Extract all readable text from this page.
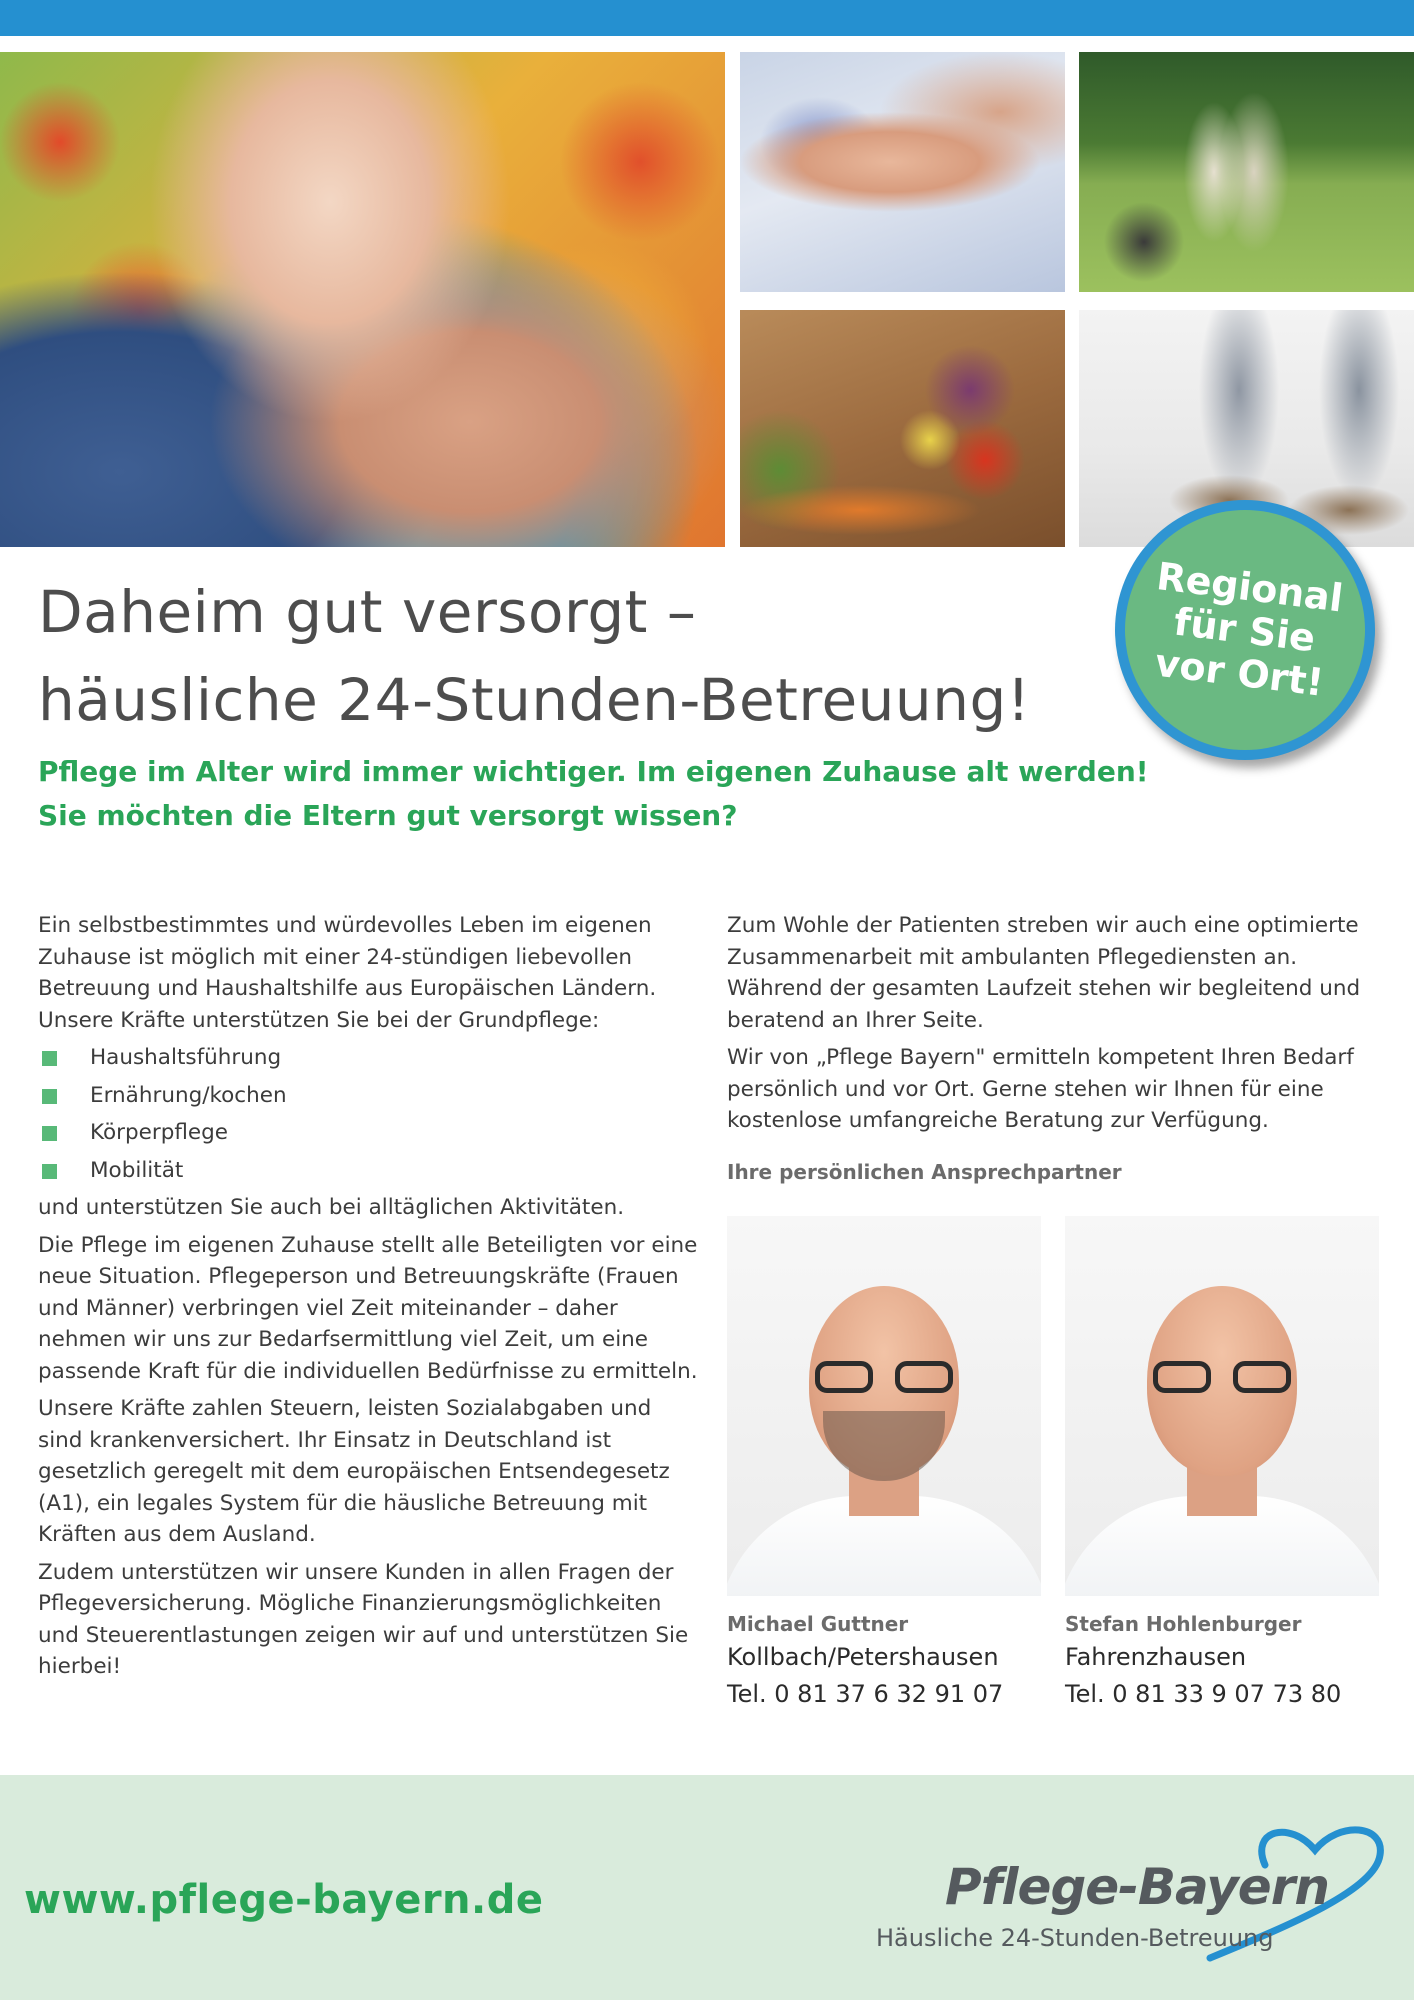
Regional
für Sie
vor Ort!
Daheim gut versorgt –
häusliche 24-Stunden-Betreuung!
Pflege im Alter wird immer wichtiger. Im eigenen Zuhause alt werden!
Sie möchten die Eltern gut versorgt wissen?

Ein selbstbestimmtes und würdevolles Leben im eigenen Zuhause ist möglich mit einer 24-stündigen liebevollen Betreuung und Haushaltshilfe aus Europäischen Ländern. Unsere Kräfte unterstützen Sie bei der Grundpflege:

Haushaltsführung
Ernährung/kochen
Körperpflege
Mobilität

und unterstützen Sie auch bei alltäglichen Aktivitäten.

Die Pflege im eigenen Zuhause stellt alle Beteiligten vor eine neue Situation. Pflegeperson und Betreuungskräfte (Frauen und Männer) verbringen viel Zeit miteinander – daher nehmen wir uns zur Bedarfsermittlung viel Zeit, um eine passende Kraft für die individuellen Bedürfnisse zu ermitteln.

Unsere Kräfte zahlen Steuern, leisten Sozialabgaben und sind krankenversichert. Ihr Einsatz in Deutschland ist gesetzlich geregelt mit dem europäischen Entsendegesetz (A1), ein legales System für die häusliche Betreuung mit Kräften aus dem Ausland.

Zudem unterstützen wir unsere Kunden in allen Fragen der Pflegeversicherung. Mögliche Finanzierungsmöglichkeiten und Steuerentlastungen zeigen wir auf und unterstützen Sie hierbei!

Zum Wohle der Patienten streben wir auch eine optimierte Zusammenarbeit mit ambulanten Pflegediensten an. Während der gesamten Laufzeit stehen wir begleitend und beratend an Ihrer Seite.

Wir von „Pflege Bayern" ermitteln kompetent Ihren Bedarf persönlich und vor Ort. Gerne stehen wir Ihnen für eine kostenlose umfangreiche Beratung zur Verfügung.

Ihre persönlichen Ansprechpartner
Michael Guttner
Kollbach/Petershausen
Tel. 0 81 37 6 32 91 07
Stefan Hohlenburger
Fahrenzhausen
Tel. 0 81 33 9 07 73 80
www.pflege-bayern.de	Pflege-Bayern
Häusliche 24-Stunden-Betreuung
